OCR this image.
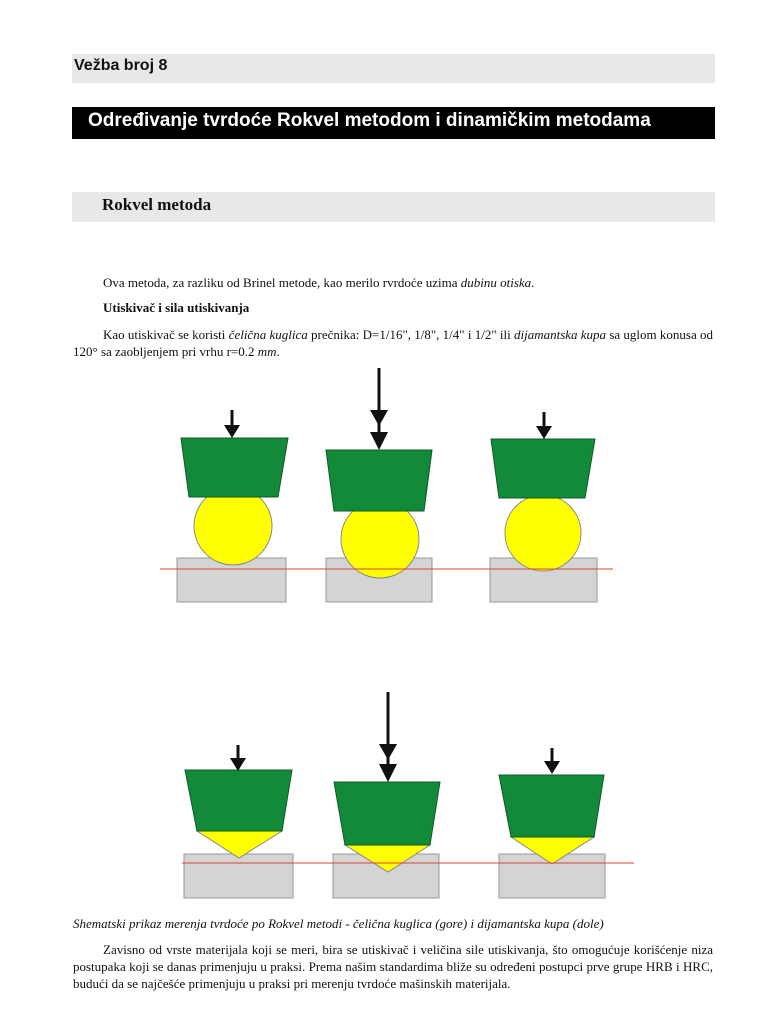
Vežba broj 8
Određivanje tvrdoće Rokvel metodom i dinamičkim metodama
Rokvel metoda
Ova metoda, za razliku od Brinel metode, kao merilo rvrdoće uzima dubinu otiska.
Utiskivač i sila utiskivanja
Kao utiskivač se koristi čelična kuglica prečnika: D=1/16", 1/8", 1/4" i 1/2" ili dijamantska kupa sa uglom konusa od 120° sa zaobljenjem pri vrhu r=0.2 mm.
Shematski prikaz merenja tvrdoće po Rokvel metodi - čelična kuglica (gore) i dijamantska kupa (dole)
Zavisno od vrste materijala koji se meri, bira se utiskivač i veličina sile utiskivanja, što omogućuje korišćenje niza postupaka koji se danas primenjuju u praksi. Prema našim standardima bliže su određeni postupci prve grupe HRB i HRC, budući da se najčešće primenjuju u praksi pri merenju tvrdoće mašinskih materijala.
